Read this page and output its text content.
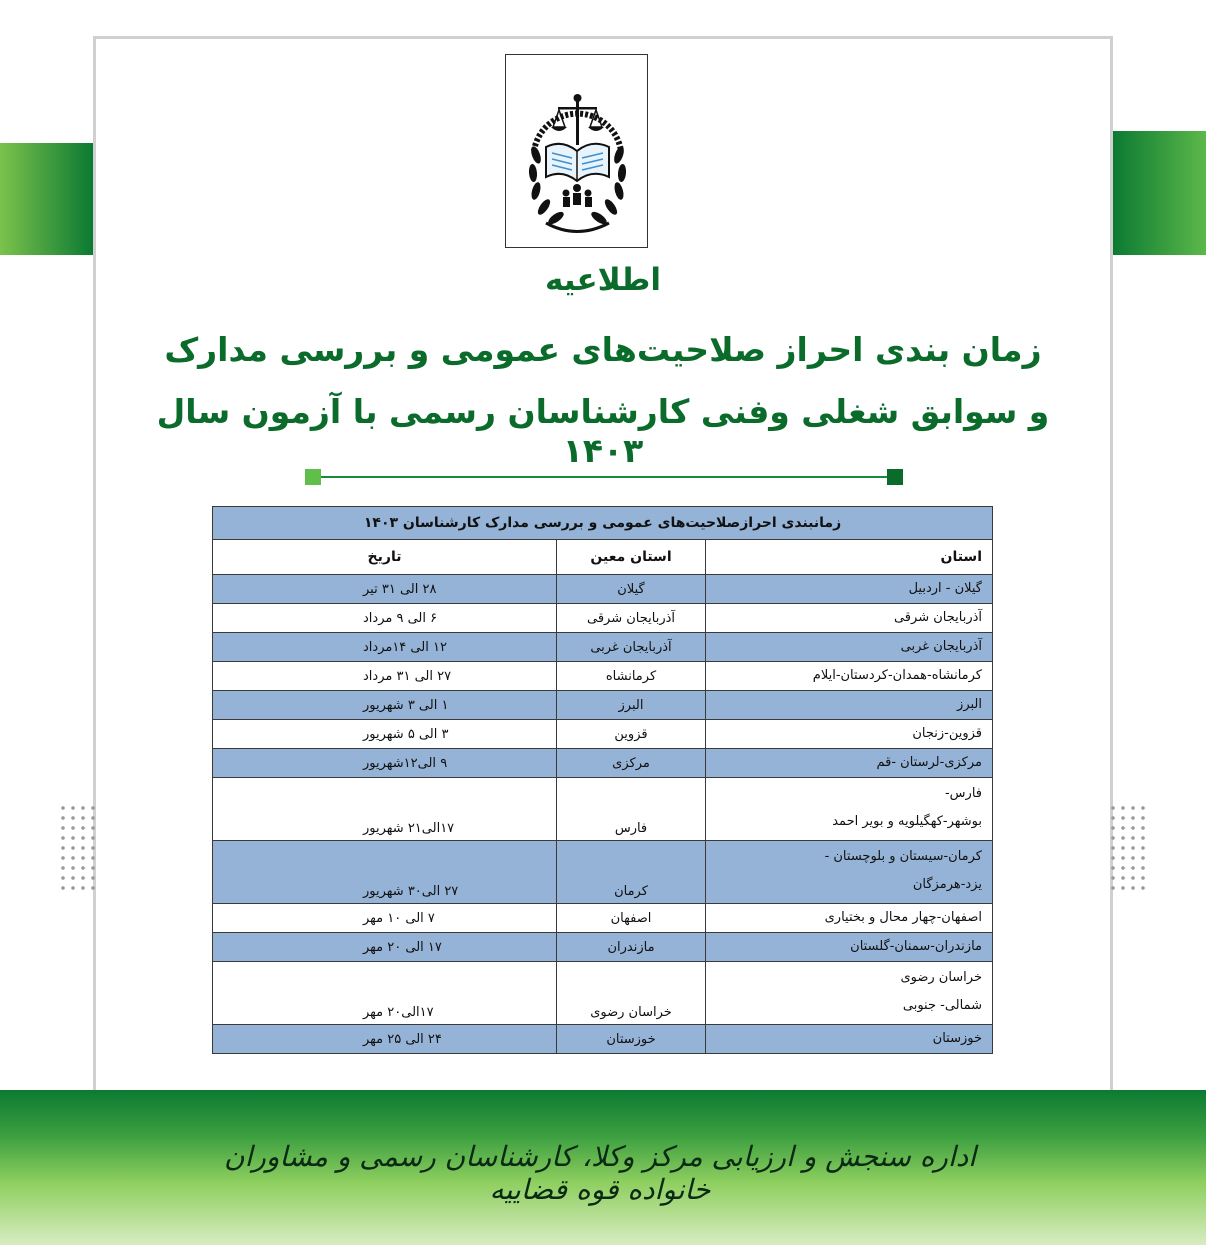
اطلاعیه
زمان بندی احراز صلاحیت‌های عمومی و بررسی مدارک
و سوابق شغلی وفنی کارشناسان رسمی با آزمون سال ۱۴۰۳
زمانبندی احرازصلاحیت‌های عمومی و بررسی مدارک کارشناسان ۱۴۰۳		
استان	استان معین	تاریخ

گیلان - اردبیل	گیلان	۲۸ الی ۳۱ تیر

آذربایجان شرقی	آذربایجان شرقی	۶ الی ۹ مرداد

آذربایجان غربی	آذربایجان غربی	۱۲ الی ۱۴مرداد

کرمانشاه-همدان-کردستان-ایلام	کرمانشاه	۲۷ الی ۳۱ مرداد

البرز	البرز	۱ الی ۳ شهریور

قزوین-زنجان	قزوین	۳ الی ۵ شهریور

مرکزی-لرستان -قم	مرکزی	۹ الی۱۲شهریور

فارس-
بوشهر-کهگیلویه و بویر احمد	فارس	۱۷الی۲۱ شهریور

کرمان-سیستان و بلوچستان -
یزد-هرمزگان	کرمان	۲۷ الی۳۰ شهریور

اصفهان-چهار محال و بختیاری	اصفهان	۷ الی ۱۰ مهر

مازندران-سمنان-گلستان	مازندران	۱۷ الی ۲۰ مهر

خراسان رضوی
شمالی- جنوبی	خراسان رضوی	۱۷الی۲۰ مهر

خوزستان	خوزستان	۲۴ الی ۲۵ مهر
اداره سنجش و ارزیابی مرکز وکلا، کارشناسان رسمی و مشاوران خانواده قوه قضاییه
